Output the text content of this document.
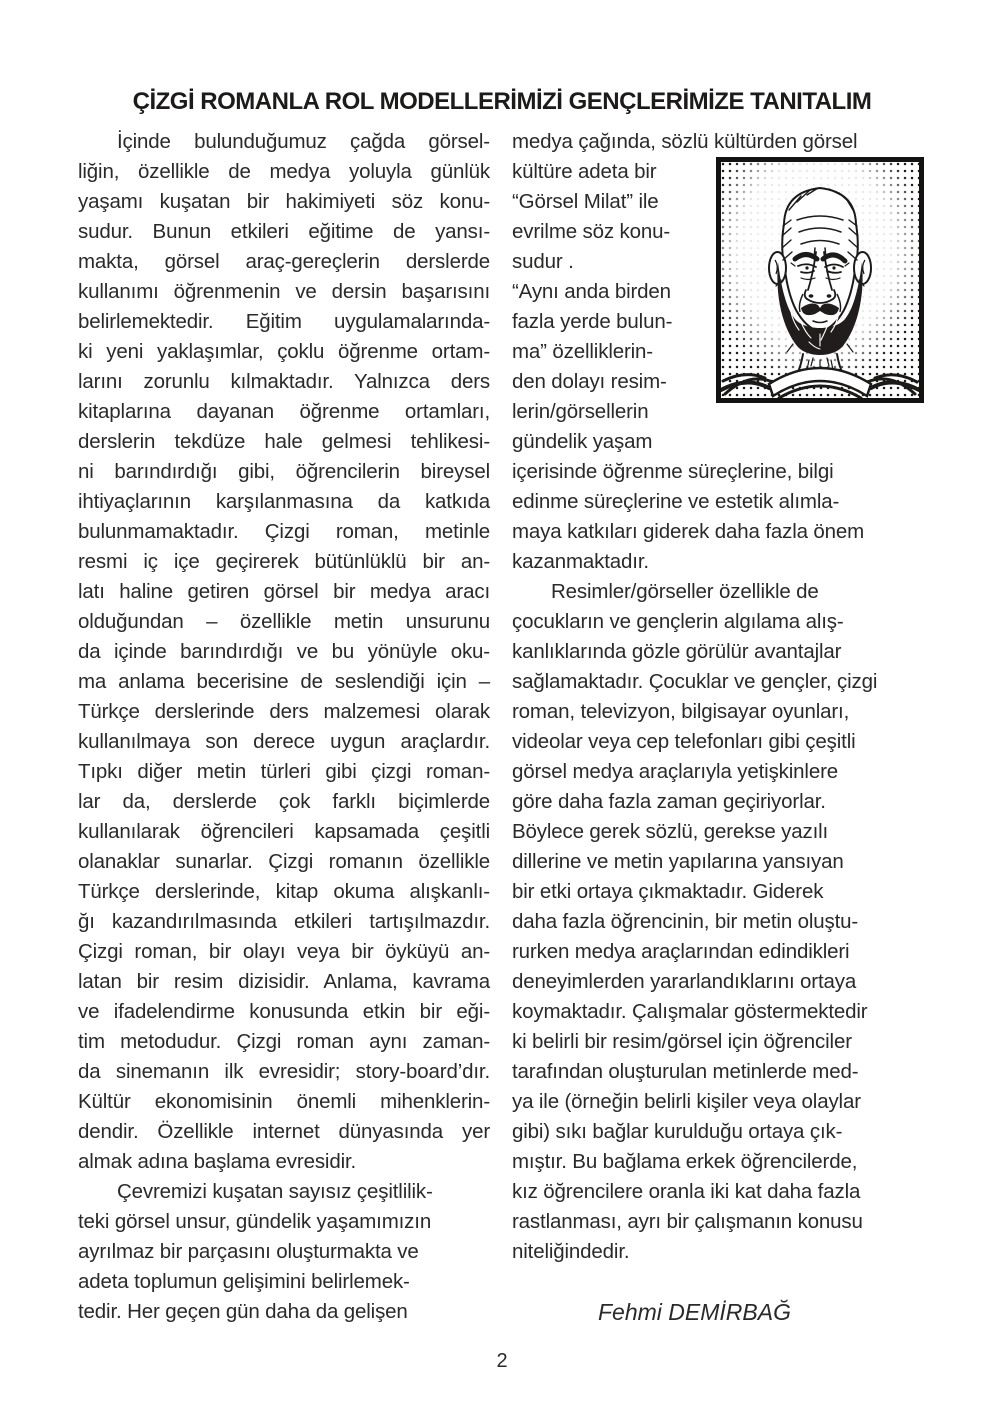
ÇİZGİ ROMANLA ROL MODELLERİMİZİ GENÇLERİMİZE TANITALIM
İçinde bulunduğumuz çağda görsel-
liğin, özellikle de medya yoluyla günlük
yaşamı kuşatan bir hakimiyeti söz konu-
sudur. Bunun etkileri eğitime de yansı-
makta, görsel araç-gereçlerin derslerde
kullanımı öğrenmenin ve dersin başarısını
belirlemektedir. Eğitim uygulamalarında-
ki yeni yaklaşımlar, çoklu öğrenme ortam-
larını zorunlu kılmaktadır. Yalnızca ders
kitaplarına dayanan öğrenme ortamları,
derslerin tekdüze hale gelmesi tehlikesi-
ni barındırdığı gibi, öğrencilerin bireysel
ihtiyaçlarının karşılanmasına da katkıda
bulunmamaktadır. Çizgi roman, metinle
resmi iç içe geçirerek bütünlüklü bir an-
latı haline getiren görsel bir medya aracı
olduğundan – özellikle metin unsurunu
da içinde barındırdığı ve bu yönüyle oku-
ma anlama becerisine de seslendiği için –
Türkçe derslerinde ders malzemesi olarak
kullanılmaya son derece uygun araçlardır.
Tıpkı diğer metin türleri gibi çizgi roman-
lar da, derslerde çok farklı biçimlerde
kullanılarak öğrencileri kapsamada çeşitli
olanaklar sunarlar. Çizgi romanın özellikle
Türkçe derslerinde, kitap okuma alışkanlı-
ğı kazandırılmasında etkileri tartışılmazdır.
Çizgi roman, bir olayı veya bir öyküyü an-
latan bir resim dizisidir. Anlama, kavrama
ve ifadelendirme konusunda etkin bir eği-
tim metodudur. Çizgi roman aynı zaman-
da sinemanın ilk evresidir; story-board’dır.
Kültür ekonomisinin önemli mihenklerin-
dendir. Özellikle internet dünyasında yer
almak adına başlama evresidir.
Çevremizi kuşatan sayısız çeşitlilik-
teki görsel unsur, gündelik yaşamımızın
ayrılmaz bir parçasını oluşturmakta ve
adeta toplumun gelişimini belirlemek-
tedir. Her geçen gün daha da gelişen
medya çağında, sözlü kültürden görsel
kültüre adeta bir
“Görsel Milat” ile
evrilme söz konu-
sudur .
“Aynı anda birden
fazla yerde bulun-
ma” özelliklerin-
den dolayı resim-
lerin/görsellerin
gündelik yaşam
içerisinde öğrenme süreçlerine, bilgi
edinme süreçlerine ve estetik alımla-
maya katkıları giderek daha fazla önem
kazanmaktadır.
Resimler/görseller özellikle de
çocukların ve gençlerin algılama alış-
kanlıklarında gözle görülür avantajlar
sağlamaktadır. Çocuklar ve gençler, çizgi
roman, televizyon, bilgisayar oyunları,
videolar veya cep telefonları gibi çeşitli
görsel medya araçlarıyla yetişkinlere
göre daha fazla zaman geçiriyorlar.
Böylece gerek sözlü, gerekse yazılı
dillerine ve metin yapılarına yansıyan
bir etki ortaya çıkmaktadır. Giderek
daha fazla öğrencinin, bir metin oluştu-
rurken medya araçlarından edindikleri
deneyimlerden yararlandıklarını ortaya
koymaktadır. Çalışmalar göstermektedir
ki belirli bir resim/görsel için öğrenciler
tarafından oluşturulan metinlerde med-
ya ile (örneğin belirli kişiler veya olaylar
gibi) sıkı bağlar kurulduğu ortaya çık-
mıştır. Bu bağlama erkek öğrencilerde,
kız öğrencilere oranla iki kat daha fazla
rastlanması, ayrı bir çalışmanın konusu
niteliğindedir.
Fehmi DEMİRBAĞ
2
